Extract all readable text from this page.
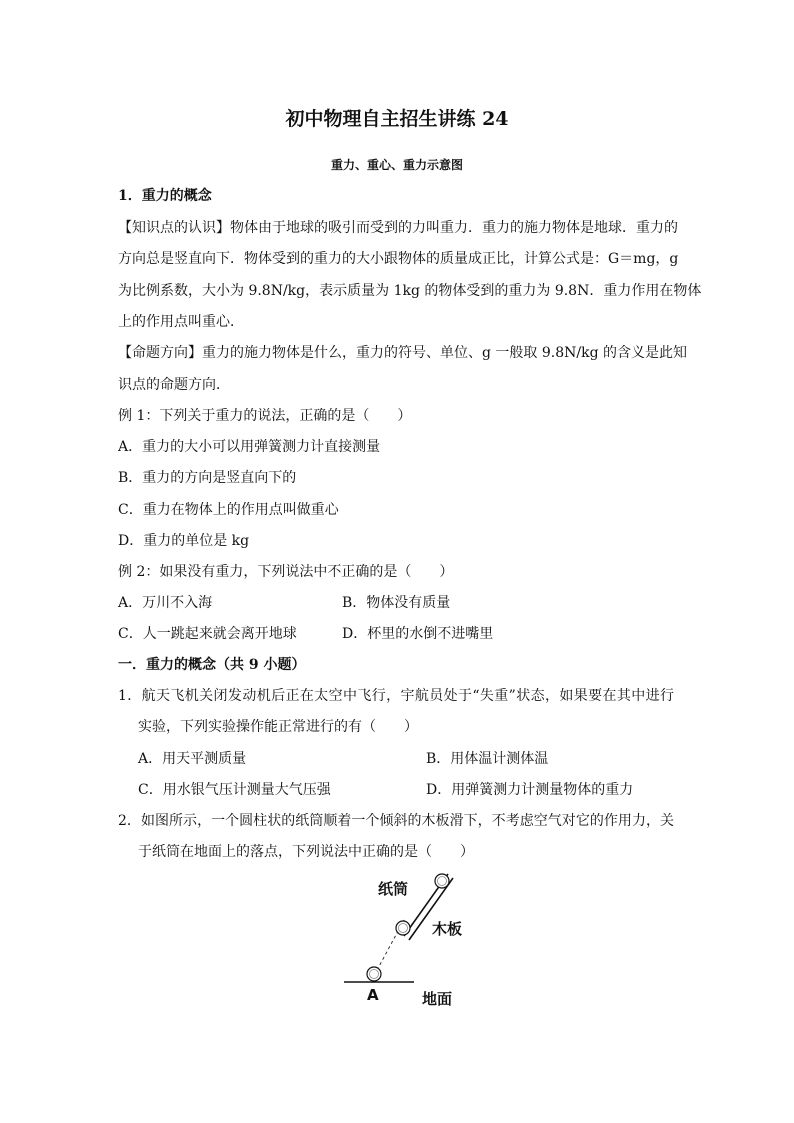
初中物理自主招生讲练 24
重力、重心、重力示意图
1．重力的概念
【知识点的认识】物体由于地球的吸引而受到的力叫重力．重力的施力物体是地球．重力的
方向总是竖直向下．物体受到的重力的大小跟物体的质量成正比，计算公式是：G＝mg，g
为比例系数，大小为 9.8N/kg，表示质量为 1kg 的物体受到的重力为 9.8N．重力作用在物体
上的作用点叫重心．
【命题方向】重力的施力物体是什么，重力的符号、单位、g 一般取 9.8N/kg 的含义是此知
识点的命题方向．
例 1：下列关于重力的说法，正确的是（　　）
A．重力的大小可以用弹簧测力计直接测量
B．重力的方向是竖直向下的
C．重力在物体上的作用点叫做重心
D．重力的单位是 kg
例 2：如果没有重力，下列说法中不正确的是（　　）
A．万川不入海	B．物体没有质量
C．人一跳起来就会离开地球	D．杯里的水倒不进嘴里
一．重力的概念（共 9 小题）
1．航天飞机关闭发动机后正在太空中飞行，宇航员处于“失重”状态，如果要在其中进行
实验，下列实验操作能正常进行的有（　　）
A．用天平测质量	B．用体温计测体温
C．用水银气压计测量大气压强	D．用弹簧测力计测量物体的重力
2．如图所示，一个圆柱状的纸筒顺着一个倾斜的木板滑下，不考虑空气对它的作用力，关
于纸筒在地面上的落点，下列说法中正确的是（　　）
纸筒
木板
A	地面
